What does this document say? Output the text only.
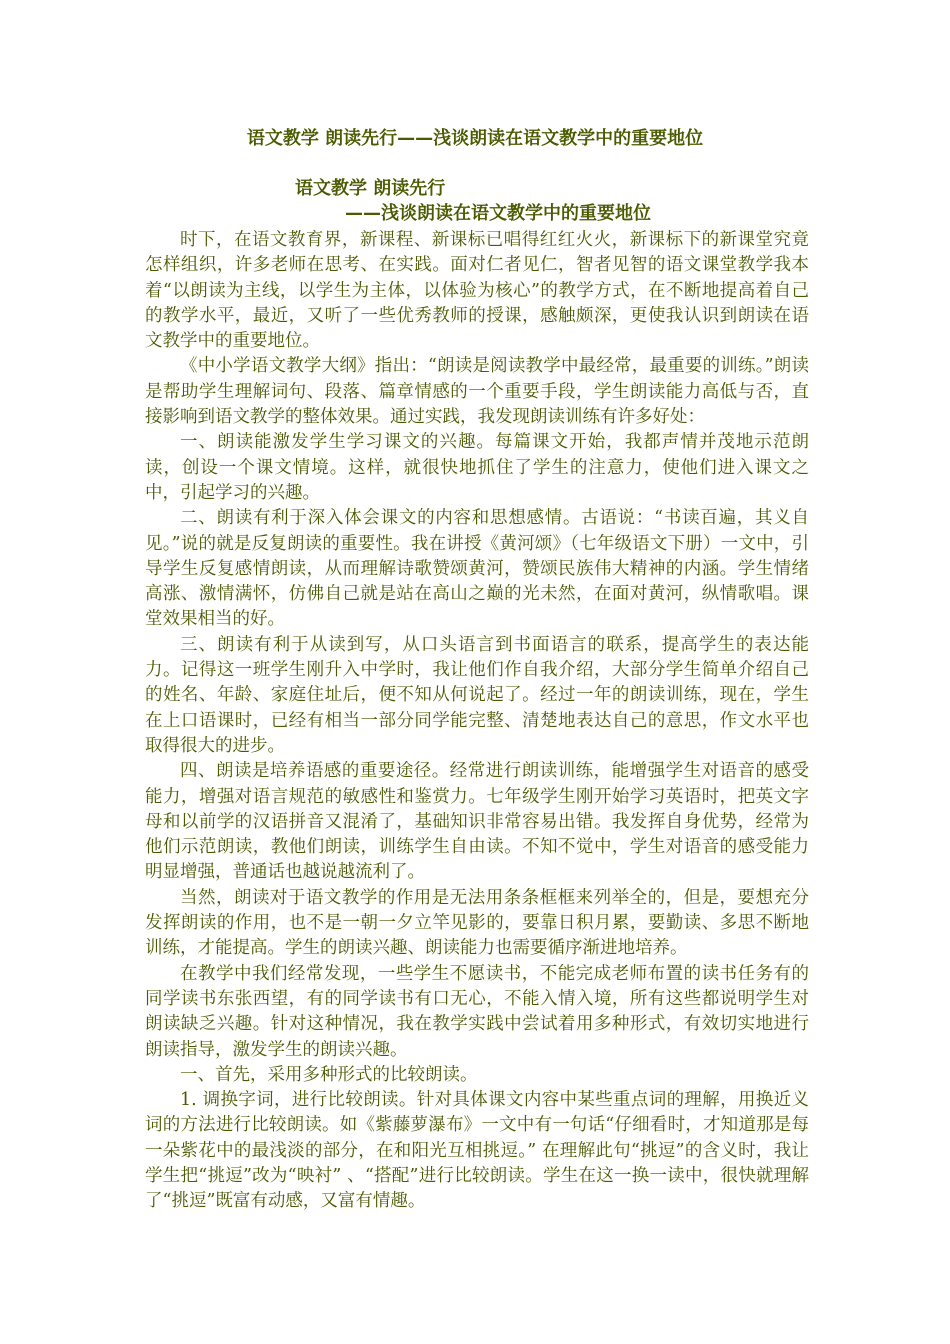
语文教学 朗读先行——浅谈朗读在语文教学中的重要地位
语文教学 朗读先行
——浅谈朗读在语文教学中的重要地位

时下，在语文教育界，新课程、新课标已唱得红红火火，新课标下的新课堂究竟怎样组织，许多老师在思考、在实践。面对仁者见仁，智者见智的语文课堂教学我本着“以朗读为主线，以学生为主体，以体验为核心”的教学方式，在不断地提高着自己的教学水平，最近，又听了一些优秀教师的授课，感触颇深，更使我认识到朗读在语文教学中的重要地位。

《中小学语文教学大纲》指出：“朗读是阅读教学中最经常，最重要的训练。”朗读是帮助学生理解词句、段落、篇章情感的一个重要手段，学生朗读能力高低与否，直接影响到语文教学的整体效果。通过实践，我发现朗读训练有许多好处：

一、朗读能激发学生学习课文的兴趣。每篇课文开始，我都声情并茂地示范朗读，创设一个课文情境。这样，就很快地抓住了学生的注意力，使他们进入课文之中，引起学习的兴趣。

二、朗读有利于深入体会课文的内容和思想感情。古语说：“书读百遍，其义自见。”说的就是反复朗读的重要性。我在讲授《黄河颂》（七年级语文下册）一文中，引导学生反复感情朗读，从而理解诗歌赞颂黄河，赞颂民族伟大精神的内涵。学生情绪高涨、激情满怀，仿佛自己就是站在高山之巅的光未然，在面对黄河，纵情歌唱。课堂效果相当的好。

三、朗读有利于从读到写，从口头语言到书面语言的联系，提高学生的表达能力。记得这一班学生刚升入中学时，我让他们作自我介绍，大部分学生简单介绍自己的姓名、年龄、家庭住址后，便不知从何说起了。经过一年的朗读训练，现在，学生在上口语课时，已经有相当一部分同学能完整、清楚地表达自己的意思，作文水平也取得很大的进步。

四、朗读是培养语感的重要途径。经常进行朗读训练，能增强学生对语音的感受能力，增强对语言规范的敏感性和鉴赏力。七年级学生刚开始学习英语时，把英文字母和以前学的汉语拼音又混淆了，基础知识非常容易出错。我发挥自身优势，经常为他们示范朗读，教他们朗读，训练学生自由读。不知不觉中，学生对语音的感受能力明显增强，普通话也越说越流利了。

当然，朗读对于语文教学的作用是无法用条条框框来列举全的，但是，要想充分发挥朗读的作用，也不是一朝一夕立竿见影的，要靠日积月累，要勤读、多思不断地训练，才能提高。学生的朗读兴趣、朗读能力也需要循序渐进地培养。

在教学中我们经常发现，一些学生不愿读书，不能完成老师布置的读书任务有的同学读书东张西望，有的同学读书有口无心，不能入情入境，所有这些都说明学生对朗读缺乏兴趣。针对这种情况，我在教学实践中尝试着用多种形式，有效切实地进行朗读指导，激发学生的朗读兴趣。

一、首先，采用多种形式的比较朗读。

1. 调换字词，进行比较朗读。针对具体课文内容中某些重点词的理解，用换近义词的方法进行比较朗读。如《紫藤萝瀑布》一文中有一句话“仔细看时，才知道那是每一朵紫花中的最浅淡的部分，在和阳光互相挑逗。” 在理解此句“挑逗”的含义时，我让学生把“挑逗”改为“映衬” 、“搭配”进行比较朗读。学生在这一换一读中，很快就理解了“挑逗”既富有动感，又富有情趣。
